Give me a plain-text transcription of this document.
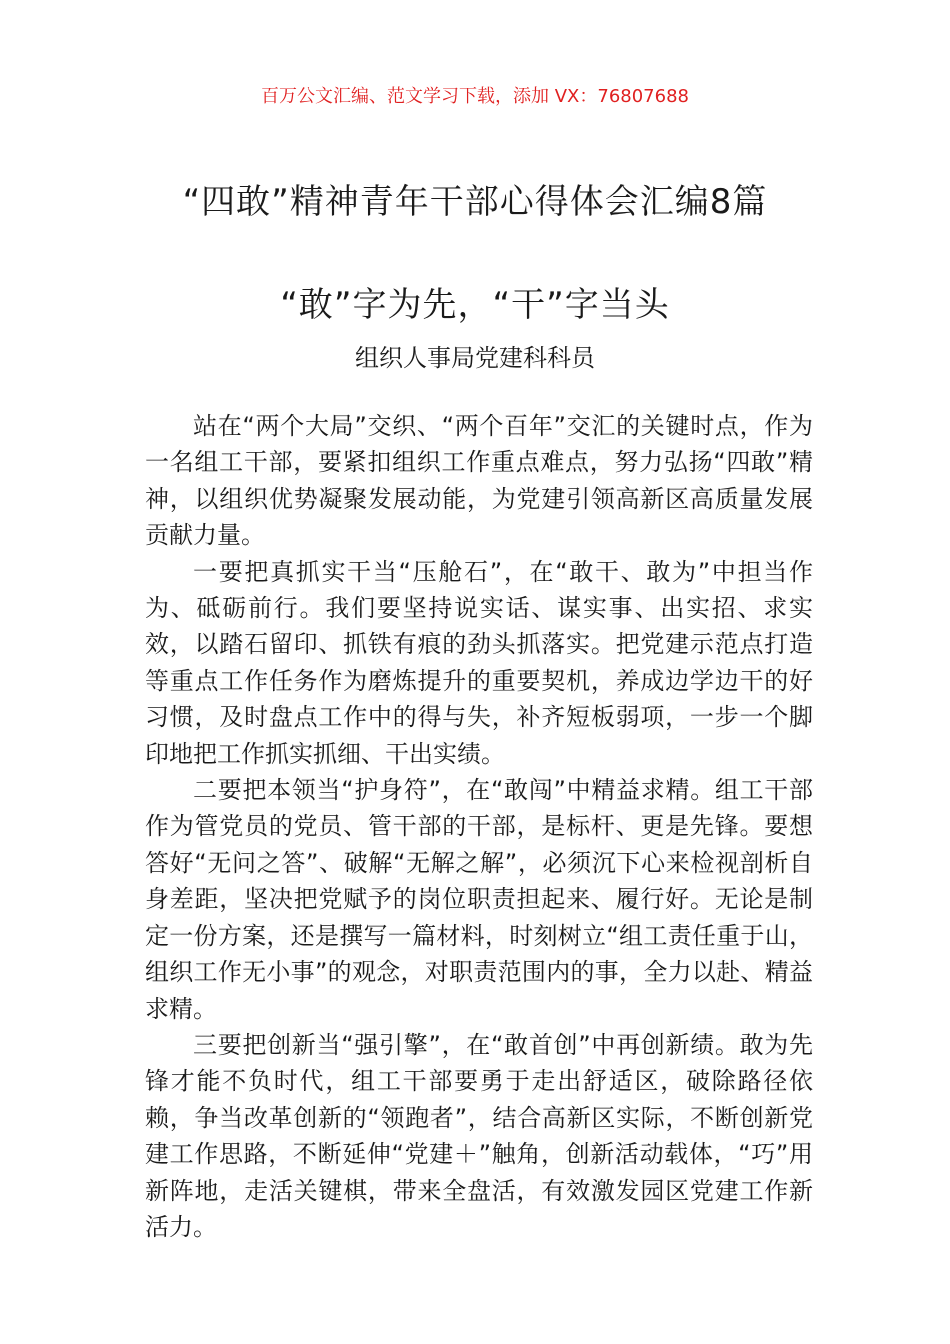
百万公文汇编、范文学习下载，添加 VX：76807688
“四敢”精神青年干部心得体会汇编8篇
“敢”字为先，“干”字当头
组织人事局党建科科员

站在“两个大局”交织、“两个百年”交汇的关键时点，作为一名组工干部，要紧扣组织工作重点难点，努力弘扬“四敢”精神，以组织优势凝聚发展动能，为党建引领高新区高质量发展贡献力量。

一要把真抓实干当“压舱石”，在“敢干、敢为”中担当作为、砥砺前行。我们要坚持说实话、谋实事、出实招、求实效，以踏石留印、抓铁有痕的劲头抓落实。把党建示范点打造等重点工作任务作为磨炼提升的重要契机，养成边学边干的好习惯，及时盘点工作中的得与失，补齐短板弱项，一步一个脚印地把工作抓实抓细、干出实绩。

二要把本领当“护身符”，在“敢闯”中精益求精。组工干部作为管党员的党员、管干部的干部，是标杆、更是先锋。要想答好“无问之答”、破解“无解之解”，必须沉下心来检视剖析自身差距，坚决把党赋予的岗位职责担起来、履行好。无论是制定一份方案，还是撰写一篇材料，时刻树立“组工责任重于山，组织工作无小事”的观念，对职责范围内的事，全力以赴、精益求精。

三要把创新当“强引擎”，在“敢首创”中再创新绩。敢为先锋才能不负时代，组工干部要勇于走出舒适区，破除路径依赖，争当改革创新的“领跑者”，结合高新区实际，不断创新党建工作思路，不断延伸“党建＋”触角，创新活动载体，“巧”用新阵地，走活关键棋，带来全盘活，有效激发园区党建工作新活力。
